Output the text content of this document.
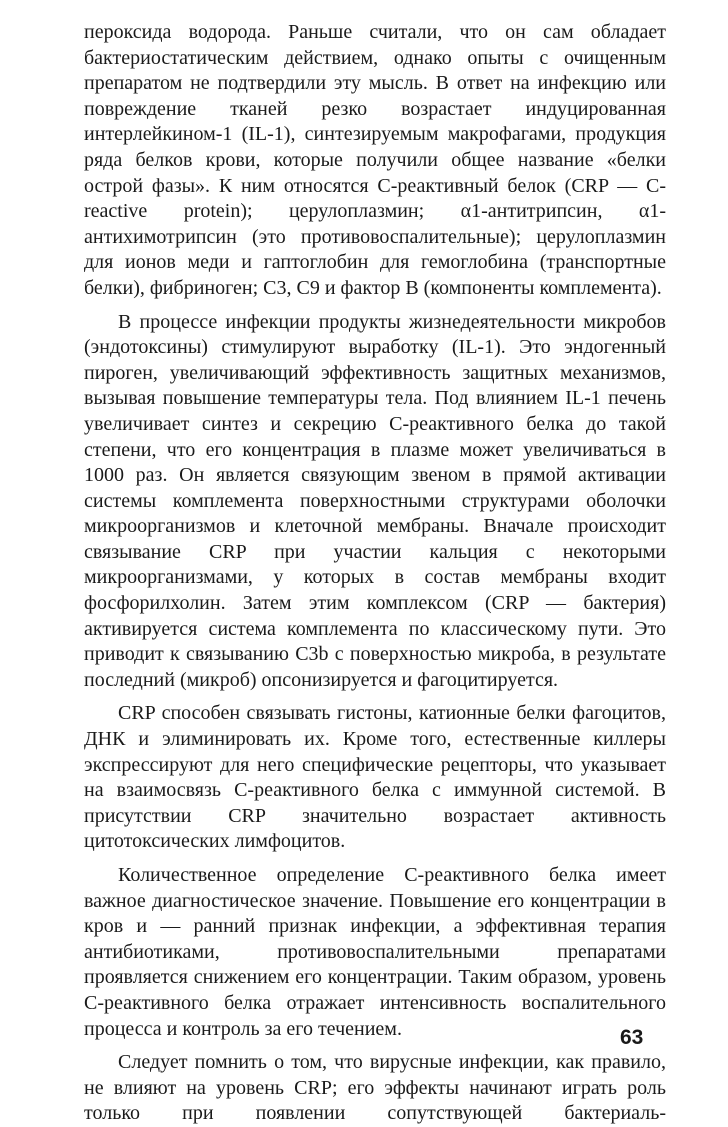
пероксида водорода. Раньше считали, что он сам обладает бактериостатическим действием, однако опыты с очищенным препаратом не подтвердили эту мысль. В ответ на инфекцию или повреждение тканей резко возрастает индуцированная интерлейкином-1 (IL-1), синтезируемым макрофагами, продукция ряда белков крови, которые получили общее название «белки острой фазы». К ним относятся С-реактивный белок (CRP — C-reactive protein); церулоплазмин; α1-антитрипсин, α1-антихимотрипсин (это противовоспалительные); церулоплазмин для ионов меди и гаптоглобин для гемоглобина (транспортные белки), фибриноген; С3, С9 и фактор В (компоненты комплемента).

В процессе инфекции продукты жизнедеятельности микробов (эндотоксины) стимулируют выработку (IL-1). Это эндогенный пироген, увеличивающий эффективность защитных механизмов, вызывая повышение температуры тела. Под влиянием IL-1 печень увеличивает синтез и секрецию С-реактивного белка до такой степени, что его концентрация в плазме может увеличиваться в 1000 раз. Он является связующим звеном в прямой активации системы комплемента поверхностными структурами оболочки микроорганизмов и клеточной мембраны. Вначале происходит связывание CRP при участии кальция с некоторыми микроорганизмами, у которых в состав мембраны входит фосфорилхолин. Затем этим комплексом (CRP — бактерия) активируется система комплемента по классическому пути. Это приводит к связыванию С3b с поверхностью микроба, в результате последний (микроб) опсонизируется и фагоцитируется.

CRP способен связывать гистоны, катионные белки фагоцитов, ДНК и элиминировать их. Кроме того, естественные киллеры экспрессируют для него специфические рецепторы, что указывает на взаимосвязь С-реактивного белка с иммунной системой. В присутствии CRP значительно возрастает активность цитотоксических лимфоцитов.

Количественное определение С-реактивного белка имеет важное диагностическое значение. Повышение его концентрации в кров и — ранний признак инфекции, а эффективная терапия антибиотиками, противовоспалительными препаратами проявляется снижением его концентрации. Таким образом, уровень С-реактивного белка отражает интенсивность воспалительного процесса и контроль за его течением.

Следует помнить о том, что вирусные инфекции, как правило, не влияют на уровень CRP; его эффекты начинают играть роль только при появлении сопутствующей бактериаль-

63
